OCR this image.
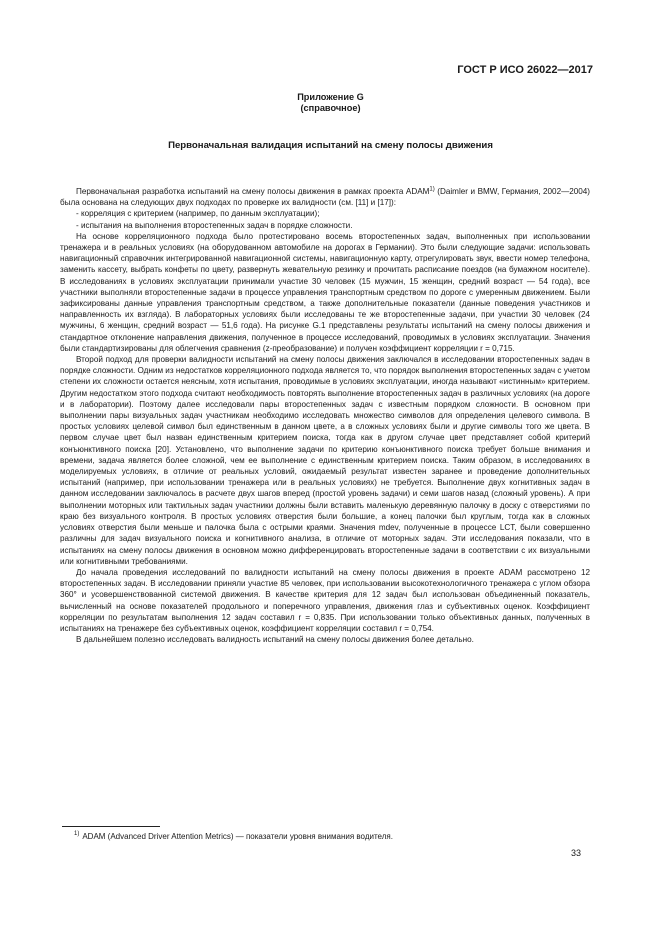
ГОСТ Р ИСО 26022—2017
Приложение G
(справочное)
Первоначальная валидация испытаний на смену полосы движения

Первоначальная разработка испытаний на смену полосы движения в рамках проекта ADAM$^{1)}$ (Daimler и BMW, Германия, 2002—2004) была основана на следующих двух подходах по проверке их валидности (см. [11] и [17]):

- корреляция с критерием (например, по данным эксплуатации);
- испытания на выполнения второстепенных задач в порядке сложности.

На основе корреляционного подхода было протестировано восемь второстепенных задач, выполненных при использовании тренажера и в реальных условиях (на оборудованном автомобиле на дорогах в Германии). Это были следующие задачи: использовать навигационный справочник интегрированной навигационной системы, навигационную карту, отрегулировать звук, ввести номер телефона, заменить кассету, выбрать конфеты по цвету, развернуть жевательную резинку и прочитать расписание поездов (на бумажном носителе). В исследованиях в условиях эксплуатации принимали участие 30 человек (15 мужчин, 15 женщин, средний возраст — 54 года), все участники выполняли второстепенные задачи в процессе управления транспортным средством по дороге с умеренным движением. Были зафиксированы данные управления транспортным средством, а также дополнительные показатели (данные поведения участников и направленность их взгляда). В лабораторных условиях были исследованы те же второстепенные задачи, при участии 30 человек (24 мужчины, 6 женщин, средний возраст — 51,6 года). На рисунке G.1 представлены результаты испытаний на смену полосы движения и стандартное отклонение направления движения, полученное в процессе исследований, проводимых в условиях эксплуатации. Значения были стандартизированы для облегчения сравнения (z-преобразование) и получен коэффициент корреляции r = 0,715.

Второй подход для проверки валидности испытаний на смену полосы движения заключался в исследовании второстепенных задач в порядке сложности. Одним из недостатков корреляционного подхода является то, что порядок выполнения второстепенных задач с учетом степени их сложности остается неясным, хотя испытания, проводимые в условиях эксплуатации, иногда называют «истинным» критерием. Другим недостатком этого подхода считают необходимость повторять выполнение второстепенных задач в различных условиях (на дороге и в лаборатории). Поэтому далее исследовали пары второстепенных задач с известным порядком сложности. В основном при выполнении пары визуальных задач участникам необходимо исследовать множество символов для определения целевого символа. В простых условиях целевой символ был единственным в данном цвете, а в сложных условиях были и другие символы того же цвета. В первом случае цвет был назван единственным критерием поиска, тогда как в другом случае цвет представляет собой критерий конъюнктивного поиска [20]. Установлено, что выполнение задачи по критерию конъюнктивного поиска требует больше внимания и времени, задача является более сложной, чем ее выполнение с единственным критерием поиска. Таким образом, в исследованиях в моделируемых условиях, в отличие от реальных условий, ожидаемый результат известен заранее и проведение дополнительных испытаний (например, при использовании тренажера или в реальных условиях) не требуется. Выполнение двух когнитивных задач в данном исследовании заключалось в расчете двух шагов вперед (простой уровень задачи) и семи шагов назад (сложный уровень). А при выполнении моторных или тактильных задач участники должны были вставить маленькую деревянную палочку в доску с отверстиями по краю без визуального контроля. В простых условиях отверстия были большие, а конец палочки был круглым, тогда как в сложных условиях отверстия были меньше и палочка была с острыми краями. Значения mdev, полученные в процессе LCT, были совершенно различны для задач визуального поиска и когнитивного анализа, в отличие от моторных задач. Эти исследования показали, что в испытаниях на смену полосы движения в основном можно дифференцировать второстепенные задачи в соответствии с их визуальными или когнитивными требованиями.

До начала проведения исследований по валидности испытаний на смену полосы движения в проекте ADAM рассмотрено 12 второстепенных задач. В исследовании приняли участие 85 человек, при использовании высокотехнологичного тренажера с углом обзора 360° и усовершенствованной системой движения. В качестве критерия для 12 задач был использован объединенный показатель, вычисленный на основе показателей продольного и поперечного управления, движения глаз и субъективных оценок. Коэффициент корреляции по результатам выполнения 12 задач составил r = 0,835. При использовании только объективных данных, полученных в испытаниях на тренажере без субъективных оценок, коэффициент корреляции составил r = 0,754.

В дальнейшем полезно исследовать валидность испытаний на смену полосы движения более детально.

$^{1)}$ ADAM (Advanced Driver Attention Metrics) — показатели уровня внимания водителя.
33
